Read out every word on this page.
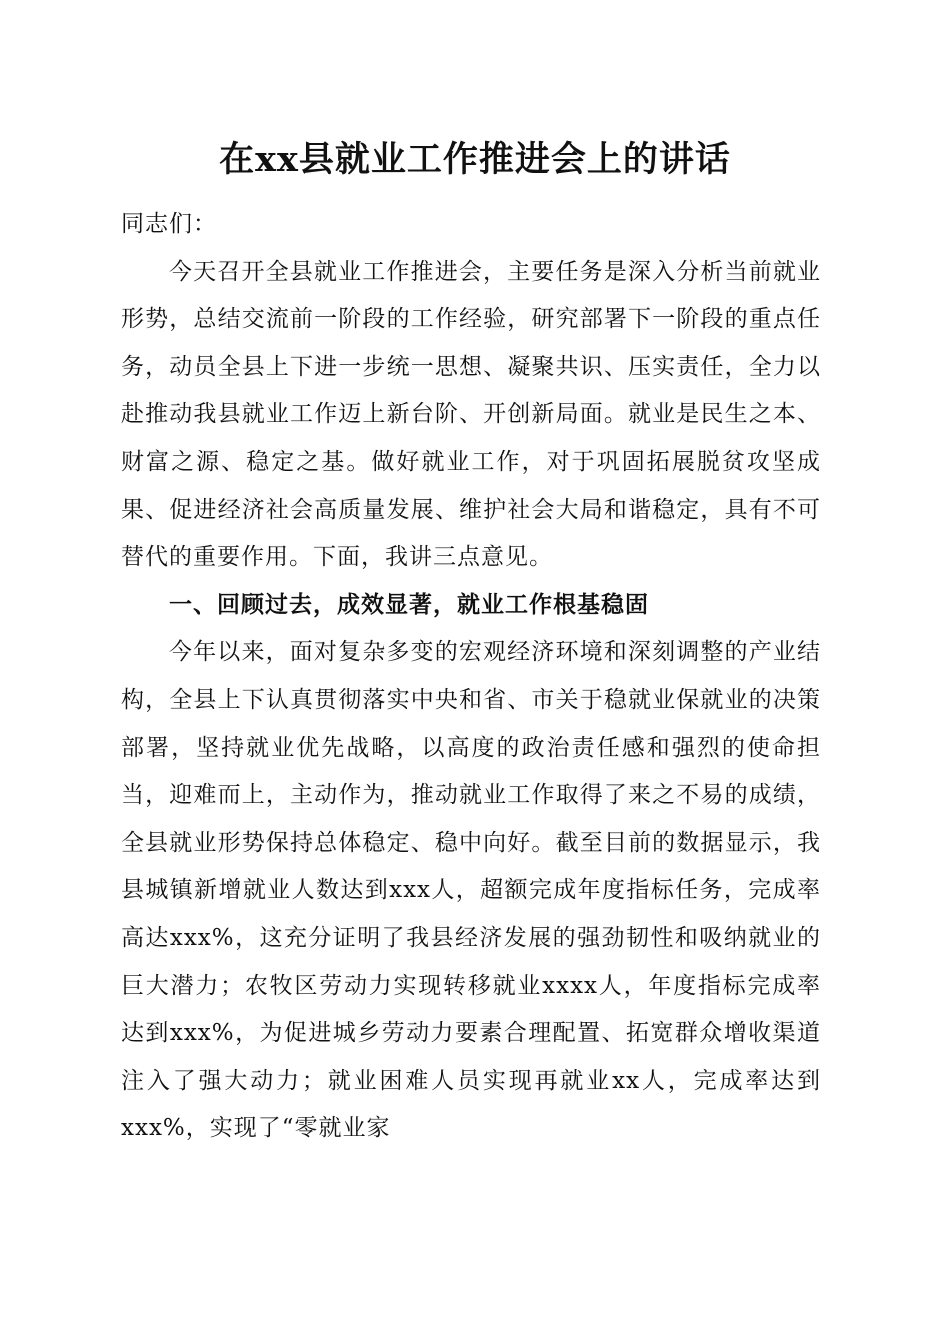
在xx县就业工作推进会上的讲话

同志们：

今天召开全县就业工作推进会，主要任务是深入分析当前就业形势，总结交流前一阶段的工作经验，研究部署下一阶段的重点任务，动员全县上下进一步统一思想、凝聚共识、压实责任，全力以赴推动我县就业工作迈上新台阶、开创新局面。就业是民生之本、财富之源、稳定之基。做好就业工作，对于巩固拓展脱贫攻坚成果、促进经济社会高质量发展、维护社会大局和谐稳定，具有不可替代的重要作用。下面，我讲三点意见。

一、回顾过去，成效显著，就业工作根基稳固

今年以来，面对复杂多变的宏观经济环境和深刻调整的产业结构，全县上下认真贯彻落实中央和省、市关于稳就业保就业的决策部署，坚持就业优先战略，以高度的政治责任感和强烈的使命担当，迎难而上，主动作为，推动就业工作取得了来之不易的成绩，全县就业形势保持总体稳定、稳中向好。截至目前的数据显示，我县城镇新增就业人数达到xxx人，超额完成年度指标任务，完成率高达xxx%，这充分证明了我县经济发展的强劲韧性和吸纳就业的巨大潜力；农牧区劳动力实现转移就业xxxx人，年度指标完成率达到xxx%，为促进城乡劳动力要素合理配置、拓宽群众增收渠道注入了强大动力；就业困难人员实现再就业xx人，完成率达到xxx%，实现了“零就业家
